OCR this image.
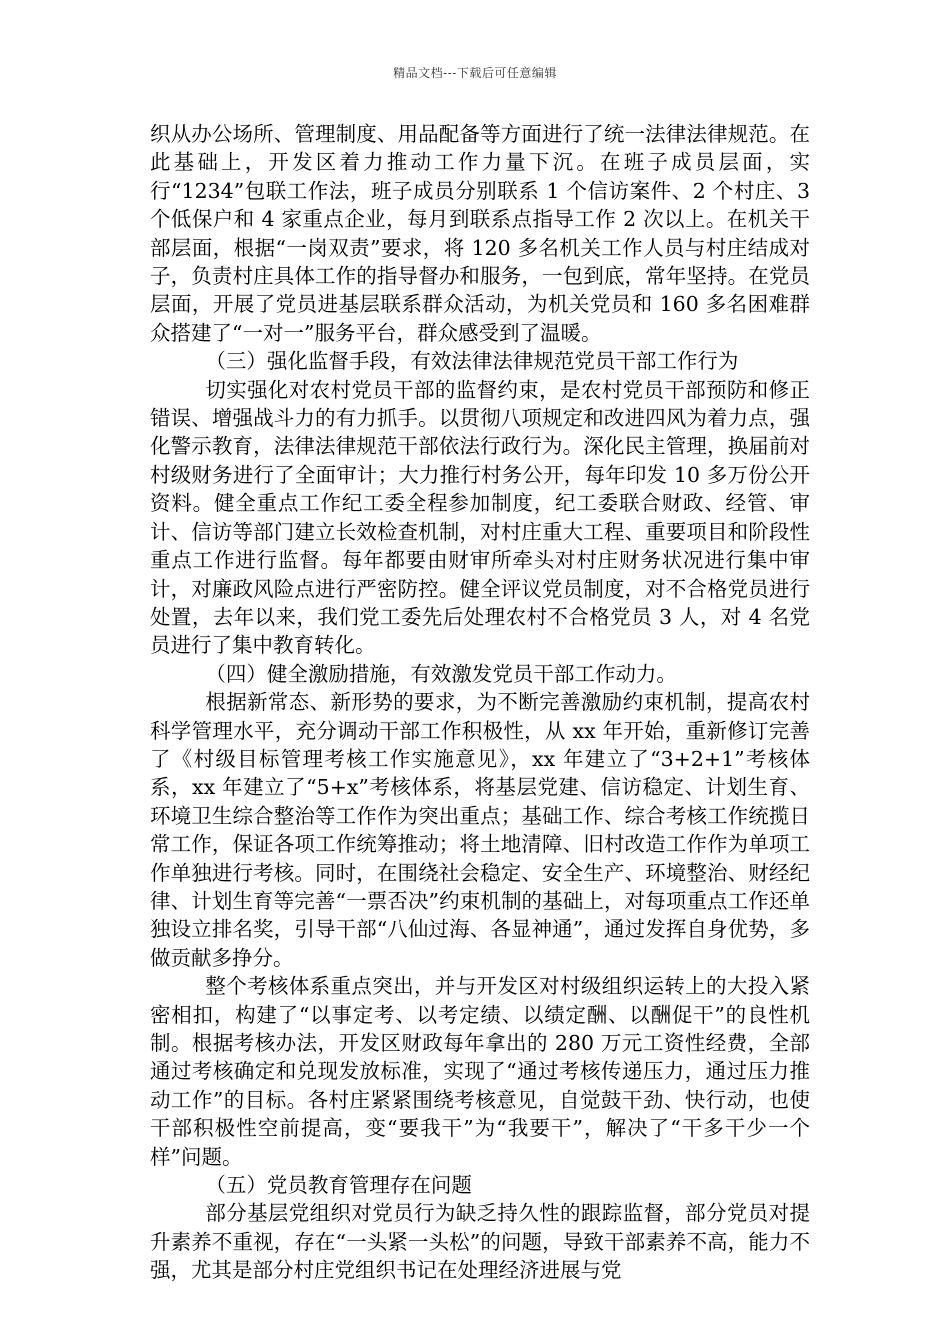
精品文档---下载后可任意编辑

织从办公场所、管理制度、用品配备等方面进行了统一法律法律规范。在此基础上，开发区着力推动工作力量下沉。在班子成员层面，实行“1234”包联工作法，班子成员分别联系 1 个信访案件、2 个村庄、3 个低保户和 4 家重点企业，每月到联系点指导工作 2 次以上。在机关干部层面，根据“一岗双责”要求，将 120 多名机关工作人员与村庄结成对子，负责村庄具体工作的指导督办和服务，一包到底，常年坚持。在党员层面，开展了党员进基层联系群众活动，为机关党员和 160 多名困难群众搭建了“一对一”服务平台，群众感受到了温暖。

（三）强化监督手段，有效法律法律规范党员干部工作行为

切实强化对农村党员干部的监督约束，是农村党员干部预防和修正错误、增强战斗力的有力抓手。以贯彻八项规定和改进四风为着力点，强化警示教育，法律法律规范干部依法行政行为。深化民主管理，换届前对村级财务进行了全面审计；大力推行村务公开，每年印发 10 多万份公开资料。健全重点工作纪工委全程参加制度，纪工委联合财政、经管、审计、信访等部门建立长效检查机制，对村庄重大工程、重要项目和阶段性重点工作进行监督。每年都要由财审所牵头对村庄财务状况进行集中审计，对廉政风险点进行严密防控。健全评议党员制度，对不合格党员进行处置，去年以来，我们党工委先后处理农村不合格党员 3 人，对 4 名党员进行了集中教育转化。

（四）健全激励措施，有效激发党员干部工作动力。

根据新常态、新形势的要求，为不断完善激励约束机制，提高农村科学管理水平，充分调动干部工作积极性，从 xx 年开始，重新修订完善了《村级目标管理考核工作实施意见》，xx 年建立了“3+2+1”考核体系，xx 年建立了“5+x”考核体系，将基层党建、信访稳定、计划生育、环境卫生综合整治等工作作为突出重点；基础工作、综合考核工作统揽日常工作，保证各项工作统筹推动；将土地清障、旧村改造工作作为单项工作单独进行考核。同时，在围绕社会稳定、安全生产、环境整治、财经纪律、计划生育等完善“一票否决”约束机制的基础上，对每项重点工作还单独设立排名奖，引导干部“八仙过海、各显神通”，通过发挥自身优势，多做贡献多挣分。

整个考核体系重点突出，并与开发区对村级组织运转上的大投入紧密相扣，构建了“以事定考、以考定绩、以绩定酬、以酬促干”的良性机制。根据考核办法，开发区财政每年拿出的 280 万元工资性经费，全部通过考核确定和兑现发放标准，实现了“通过考核传递压力，通过压力推动工作”的目标。各村庄紧紧围绕考核意见，自觉鼓干劲、快行动，也使干部积极性空前提高，变“要我干”为“我要干”，解决了“干多干少一个样”问题。

（五）党员教育管理存在问题

部分基层党组织对党员行为缺乏持久性的跟踪监督，部分党员对提升素养不重视，存在“一头紧一头松”的问题，导致干部素养不高，能力不强，尤其是部分村庄党组织书记在处理经济进展与党
